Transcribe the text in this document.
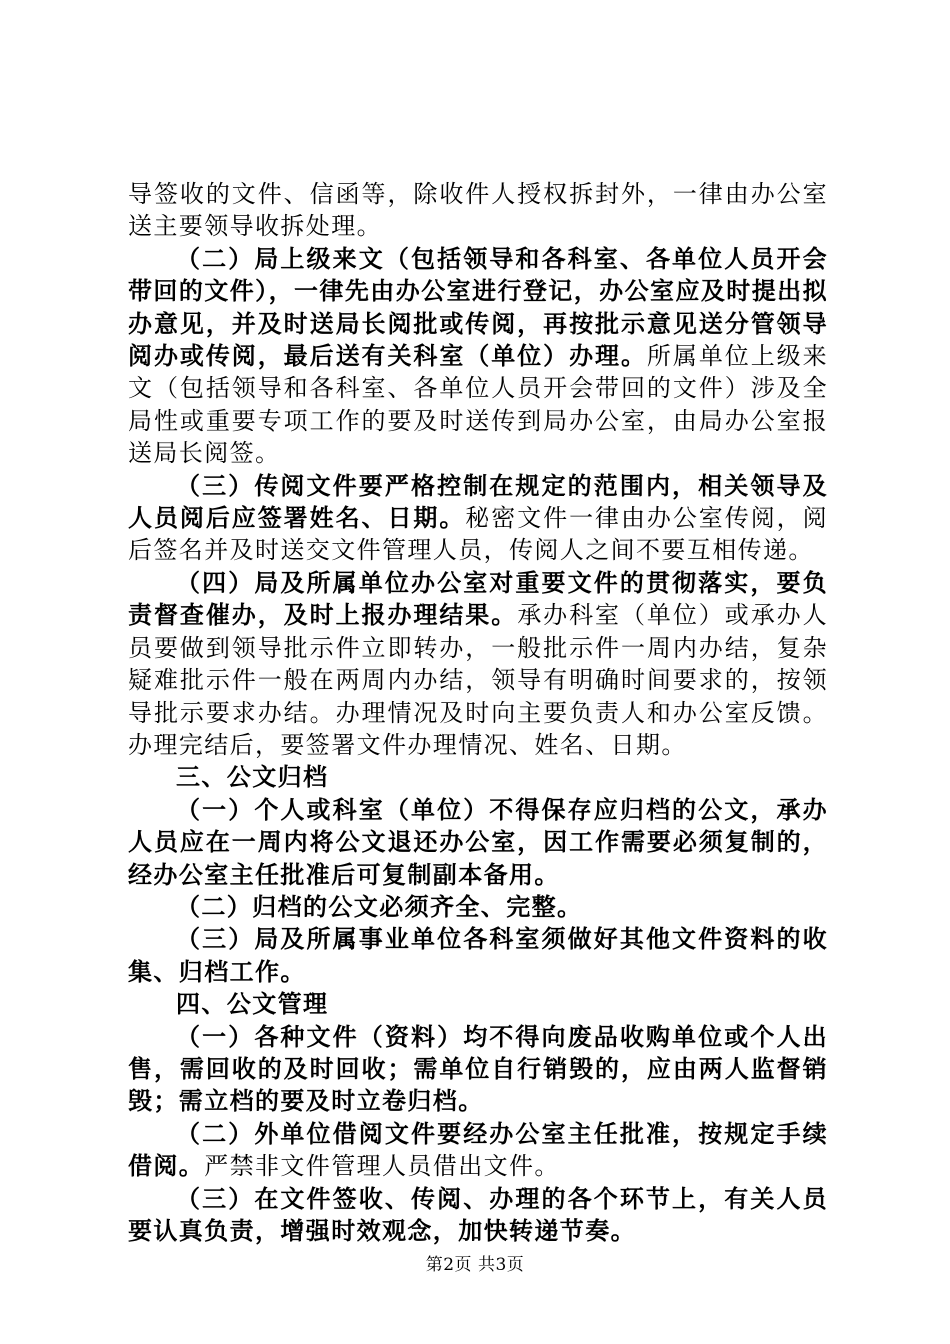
导签收的文件、信函等，除收件人授权拆封外，一律由办公室送主要领导收拆处理。

（二）局上级来文（包括领导和各科室、各单位人员开会带回的文件），一律先由办公室进行登记，办公室应及时提出拟办意见，并及时送局长阅批或传阅，再按批示意见送分管领导阅办或传阅，最后送有关科室（单位）办理。所属单位上级来文（包括领导和各科室、各单位人员开会带回的文件）涉及全局性或重要专项工作的要及时送传到局办公室，由局办公室报送局长阅签。

（三）传阅文件要严格控制在规定的范围内，相关领导及人员阅后应签署姓名、日期。秘密文件一律由办公室传阅，阅后签名并及时送交文件管理人员，传阅人之间不要互相传递。

（四）局及所属单位办公室对重要文件的贯彻落实，要负责督查催办，及时上报办理结果。承办科室（单位）或承办人员要做到领导批示件立即转办，一般批示件一周内办结，复杂疑难批示件一般在两周内办结，领导有明确时间要求的，按领导批示要求办结。办理情况及时向主要负责人和办公室反馈。办理完结后，要签署文件办理情况、姓名、日期。

三、公文归档

（一）个人或科室（单位）不得保存应归档的公文，承办人员应在一周内将公文退还办公室，因工作需要必须复制的，经办公室主任批准后可复制副本备用。

（二）归档的公文必须齐全、完整。

（三）局及所属事业单位各科室须做好其他文件资料的收集、归档工作。

四、公文管理

（一）各种文件（资料）均不得向废品收购单位或个人出售，需回收的及时回收；需单位自行销毁的，应由两人监督销毁；需立档的要及时立卷归档。

（二）外单位借阅文件要经办公室主任批准，按规定手续借阅。严禁非文件管理人员借出文件。

（三）在文件签收、传阅、办理的各个环节上，有关人员要认真负责，增强时效观念，加快转递节奏。

第2页 共3页
